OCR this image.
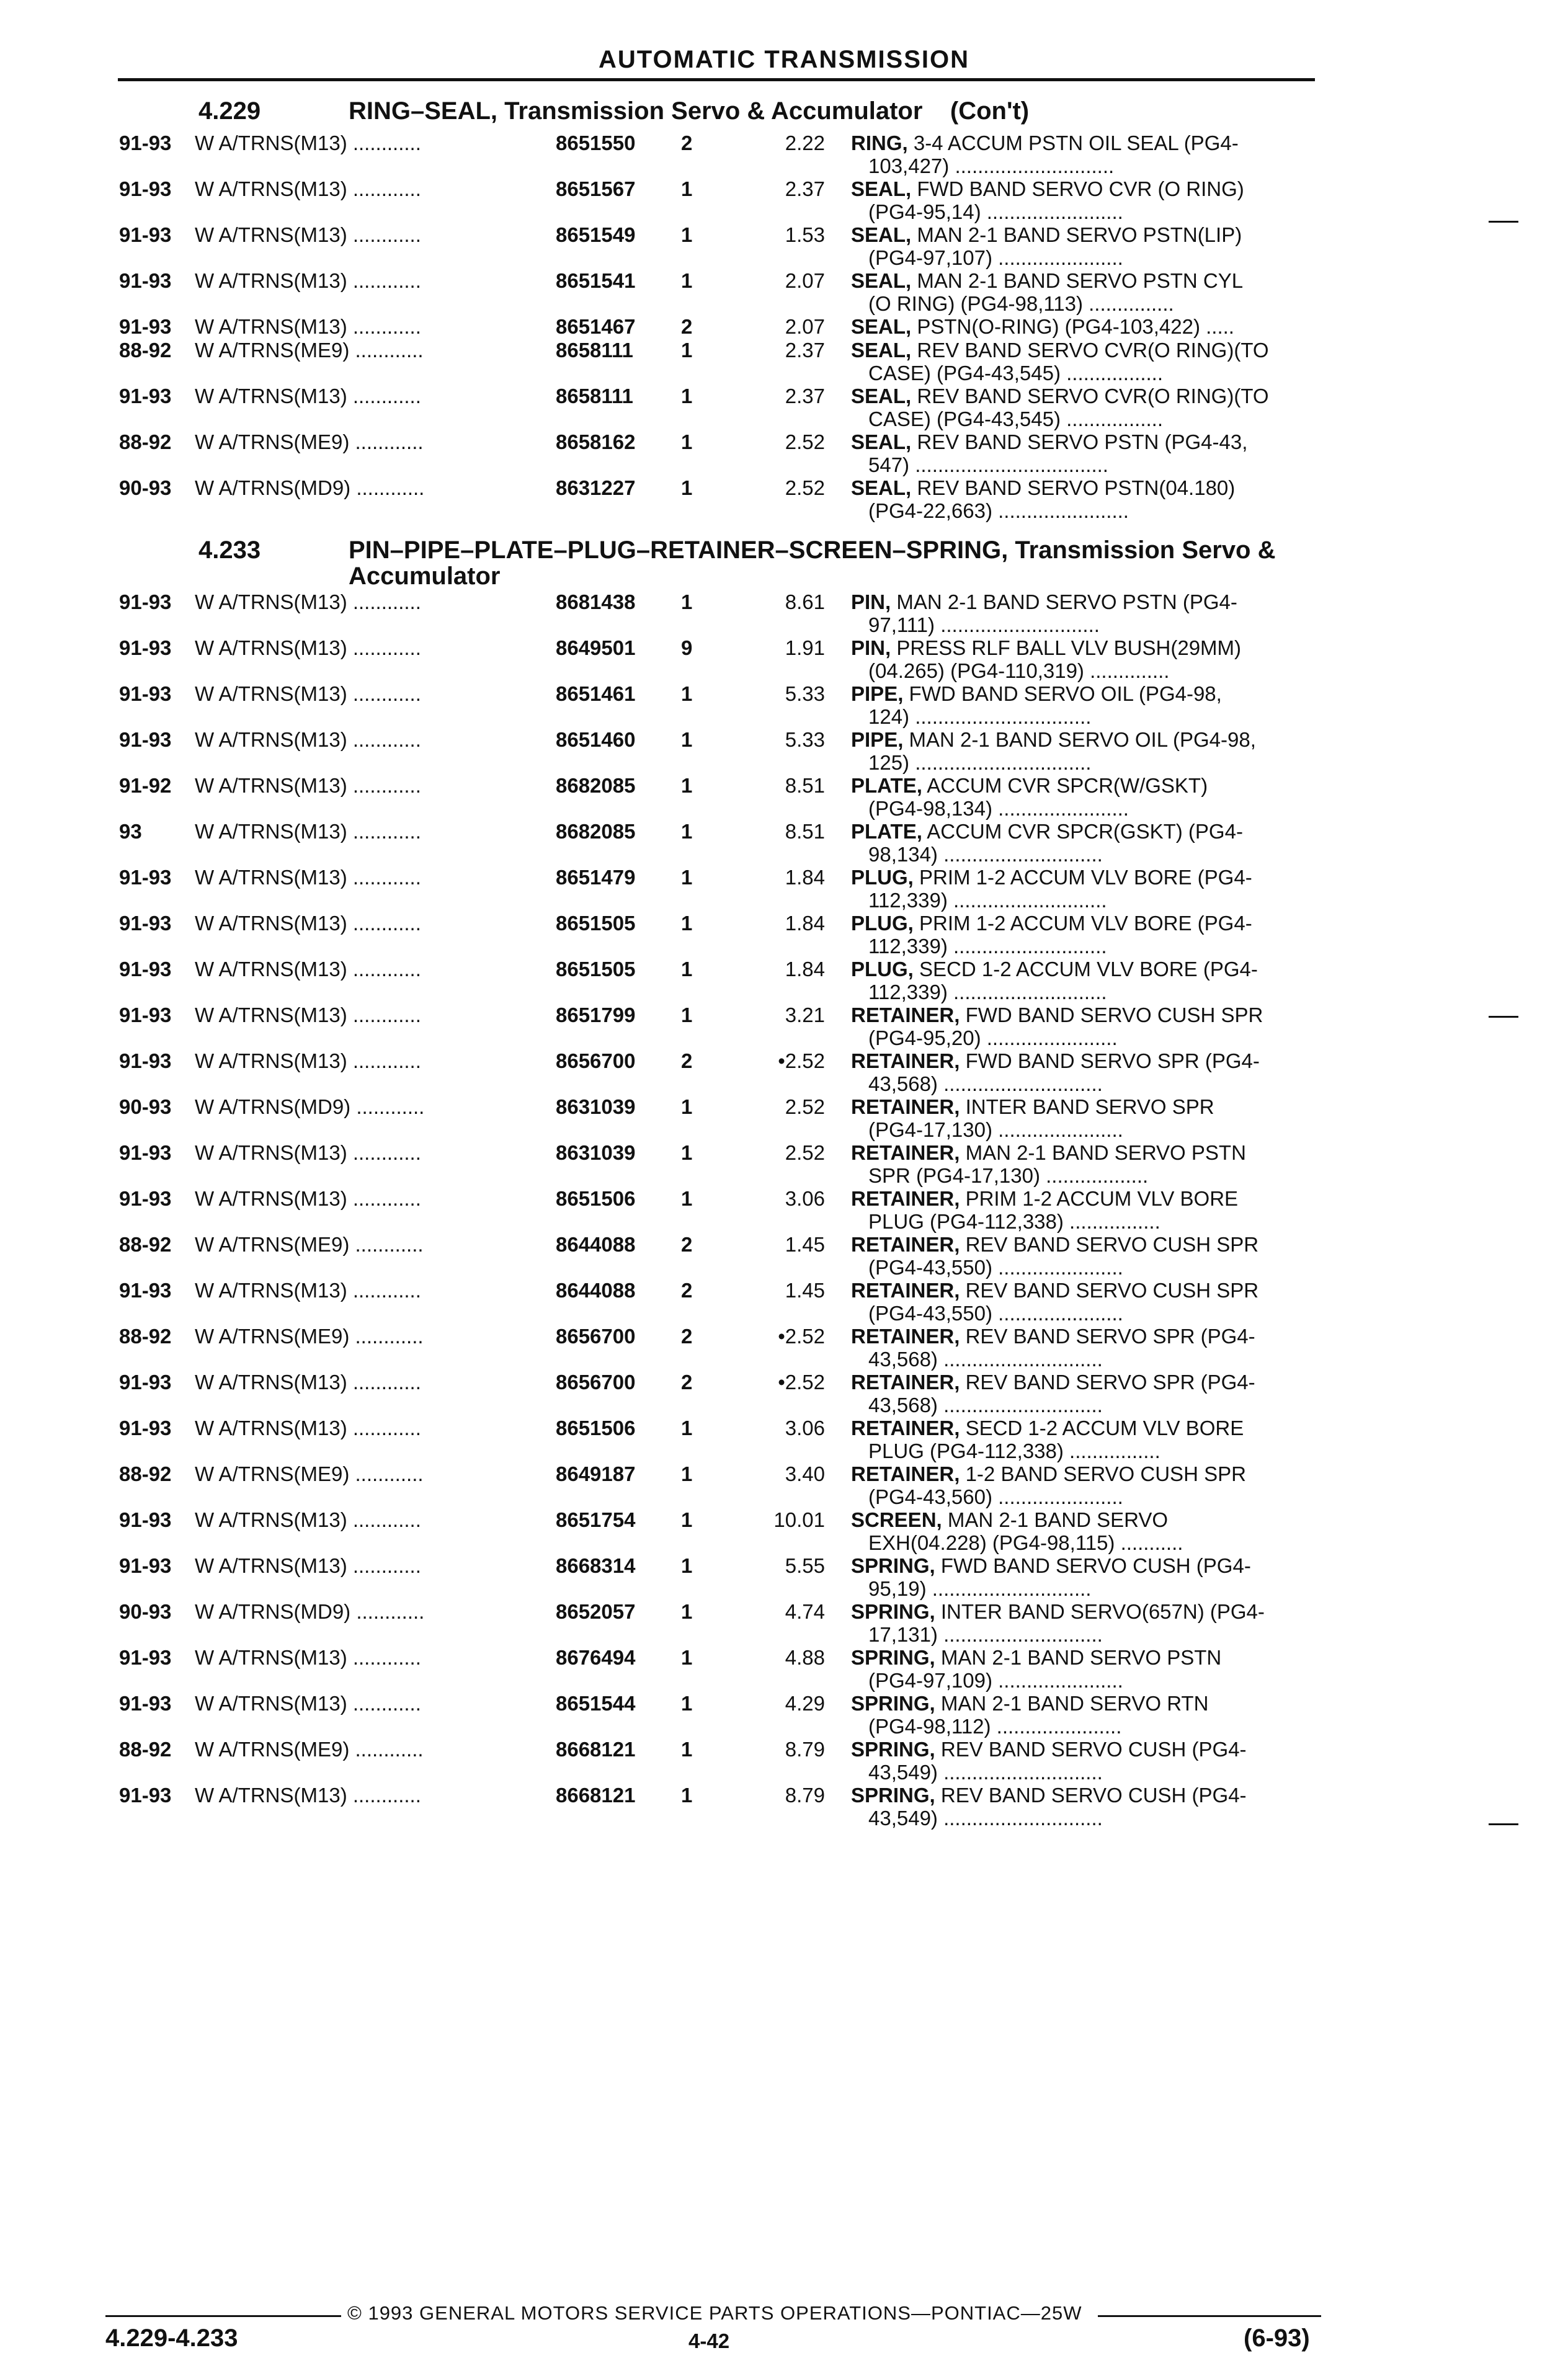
AUTOMATIC TRANSMISSION
4.229	RING–SEAL, Transmission Servo & Accumulator    (Con't)
91-93 W A/TRNS(M13) ............	8651550 2	2.22 RING, 3-4 ACCUM PSTN OIL SEAL (PG4-
103,427) ............................
91-93 W A/TRNS(M13) ............	8651567 1	2.37 SEAL, FWD BAND SERVO CVR (O RING)
(PG4-95,14) ........................
91-93 W A/TRNS(M13) ............	8651549 1	1.53 SEAL, MAN 2-1 BAND SERVO PSTN(LIP)
(PG4-97,107) ......................
91-93 W A/TRNS(M13) ............	8651541 1	2.07 SEAL, MAN 2-1 BAND SERVO PSTN CYL
(O RING) (PG4-98,113) ...............
91-93 W A/TRNS(M13) ............	8651467 2	2.07 SEAL, PSTN(O-RING) (PG4-103,422) .....
88-92 W A/TRNS(ME9) ............	8658111 1	2.37 SEAL, REV BAND SERVO CVR(O RING)(TO
CASE) (PG4-43,545) .................
91-93 W A/TRNS(M13) ............	8658111 1	2.37 SEAL, REV BAND SERVO CVR(O RING)(TO
CASE) (PG4-43,545) .................
88-92 W A/TRNS(ME9) ............	8658162 1	2.52 SEAL, REV BAND SERVO PSTN (PG4-43,
547) ..................................
90-93 W A/TRNS(MD9) ............	8631227 1	2.52 SEAL, REV BAND SERVO PSTN(04.180)
(PG4-22,663) .......................
4.233	PIN–PIPE–PLATE–PLUG–RETAINER–SCREEN–SPRING, Transmission Servo & Accumulator
91-93 W A/TRNS(M13) ............	8681438 1	8.61 PIN, MAN 2-1 BAND SERVO PSTN (PG4-
97,111) ............................
91-93 W A/TRNS(M13) ............	8649501 9	1.91 PIN, PRESS RLF BALL VLV BUSH(29MM)
(04.265) (PG4-110,319) ..............
91-93 W A/TRNS(M13) ............	8651461 1	5.33 PIPE, FWD BAND SERVO OIL (PG4-98,
124) ...............................
91-93 W A/TRNS(M13) ............	8651460 1	5.33 PIPE, MAN 2-1 BAND SERVO OIL (PG4-98,
125) ...............................
91-92 W A/TRNS(M13) ............	8682085 1	8.51 PLATE, ACCUM CVR SPCR(W/GSKT)
(PG4-98,134) .......................
93	W A/TRNS(M13) ............	8682085 1	8.51 PLATE, ACCUM CVR SPCR(GSKT) (PG4-
98,134) ............................
91-93 W A/TRNS(M13) ............	8651479 1	1.84 PLUG, PRIM 1-2 ACCUM VLV BORE (PG4-
112,339) ...........................
91-93 W A/TRNS(M13) ............	8651505 1	1.84 PLUG, PRIM 1-2 ACCUM VLV BORE (PG4-
112,339) ...........................
91-93 W A/TRNS(M13) ............	8651505 1	1.84 PLUG, SECD 1-2 ACCUM VLV BORE (PG4-
112,339) ...........................
91-93 W A/TRNS(M13) ............	8651799 1	3.21 RETAINER, FWD BAND SERVO CUSH SPR
(PG4-95,20) .......................
91-93 W A/TRNS(M13) ............	8656700 2	•2.52 RETAINER, FWD BAND SERVO SPR (PG4-
43,568) ............................
90-93 W A/TRNS(MD9) ............	8631039 1	2.52 RETAINER, INTER BAND SERVO SPR
(PG4-17,130) ......................
91-93 W A/TRNS(M13) ............	8631039 1	2.52 RETAINER, MAN 2-1 BAND SERVO PSTN
SPR (PG4-17,130) ..................
91-93 W A/TRNS(M13) ............	8651506 1	3.06 RETAINER, PRIM 1-2 ACCUM VLV BORE
PLUG (PG4-112,338) ................
88-92 W A/TRNS(ME9) ............	8644088 2	1.45 RETAINER, REV BAND SERVO CUSH SPR
(PG4-43,550) ......................
91-93 W A/TRNS(M13) ............	8644088 2	1.45 RETAINER, REV BAND SERVO CUSH SPR
(PG4-43,550) ......................
88-92 W A/TRNS(ME9) ............	8656700 2	•2.52 RETAINER, REV BAND SERVO SPR (PG4-
43,568) ............................
91-93 W A/TRNS(M13) ............	8656700 2	•2.52 RETAINER, REV BAND SERVO SPR (PG4-
43,568) ............................
91-93 W A/TRNS(M13) ............	8651506 1	3.06 RETAINER, SECD 1-2 ACCUM VLV BORE
PLUG (PG4-112,338) ................
88-92 W A/TRNS(ME9) ............	8649187 1	3.40 RETAINER, 1-2 BAND SERVO CUSH SPR
(PG4-43,560) ......................
91-93 W A/TRNS(M13) ............	8651754 1	10.01 SCREEN, MAN 2-1 BAND SERVO
EXH(04.228) (PG4-98,115) ...........
91-93 W A/TRNS(M13) ............	8668314 1	5.55 SPRING, FWD BAND SERVO CUSH (PG4-
95,19) ............................
90-93 W A/TRNS(MD9) ............	8652057 1	4.74 SPRING, INTER BAND SERVO(657N) (PG4-
17,131) ............................
91-93 W A/TRNS(M13) ............	8676494 1	4.88 SPRING, MAN 2-1 BAND SERVO PSTN
(PG4-97,109) ......................
91-93 W A/TRNS(M13) ............	8651544 1	4.29 SPRING, MAN 2-1 BAND SERVO RTN
(PG4-98,112) ......................
88-92 W A/TRNS(ME9) ............	8668121 1	8.79 SPRING, REV BAND SERVO CUSH (PG4-
43,549) ............................
91-93 W A/TRNS(M13) ............	8668121 1	8.79 SPRING, REV BAND SERVO CUSH (PG4-
43,549) ............................
© 1993 GENERAL MOTORS SERVICE PARTS OPERATIONS—PONTIAC—25W
4.229-4.233	4-42	(6-93)
